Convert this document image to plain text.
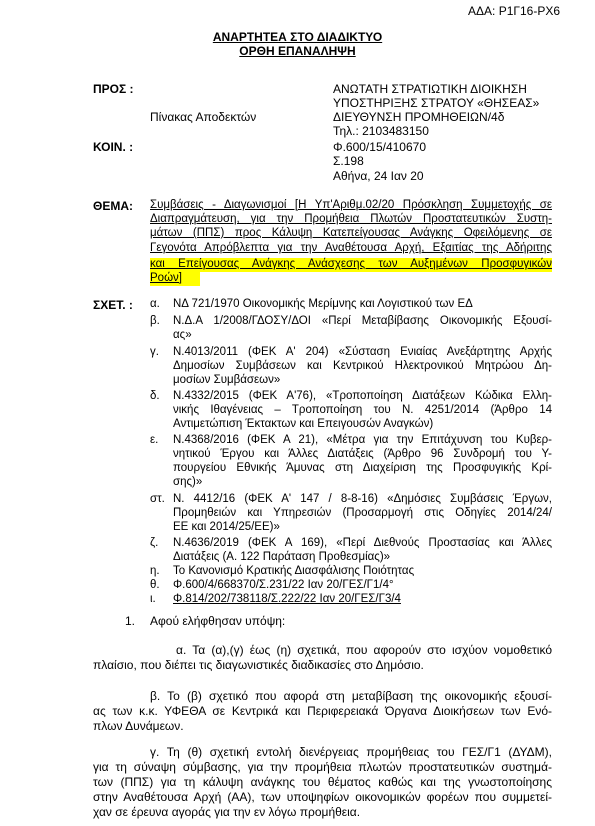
ΑΔΑ: Ρ1Γ16-ΡΧ6
ΑΝΑΡΤΗΤΕΑ ΣΤΟ ΔΙΑΔΙΚΤΥΟ
ΟΡΘΗ ΕΠΑΝΑΛΗΨΗ
ΠΡΟΣ :	ΑΝΩΤΑΤΗ ΣΤΡΑΤΙΩΤΙΚΗ ΔΙΟΙΚΗΣΗ
ΥΠΟΣΤΗΡΙΞΗΣ ΣΤΡΑΤΟΥ «ΘΗΣΕΑΣ»
Πίνακας Αποδεκτών	ΔΙΕΥΘΥΝΣΗ ΠΡΟΜΗΘΕΙΩΝ/4δ
Τηλ.: 2103483150
ΚΟΙΝ. :	Φ.600/15/410670
Σ.198
Αθήνα, 24 Ιαν 20
ΘΕΜΑ: Συμβάσεις - Διαγωνισμοί [Η Υπ'Αριθμ.02/20 Πρόσκληση Συμμετοχής σε
Διαπραγμάτευση, για την Προμήθεια Πλωτών Προστατευτικών Συστη-
μάτων (ΠΠΣ) προς Κάλυψη Κατεπείγουσας Ανάγκης Οφειλόμενης σε
Γεγονότα Απρόβλεπτα για την Αναθέτουσα Αρχή, Εξαιτίας της Αδήριτης
και Επείγουσας Ανάγκης Ανάσχεσης των Αυξημένων Προσφυγικών
Ροών]
ΣΧΕΤ. : α. ΝΔ 721/1970 Οικονομικής Μερίμνης και Λογιστικού των ΕΔ
β. Ν.Δ.Α 1/2008/ΓΔΟΣΥ/ΔΟΙ «Περί Μεταβίβασης Οικονομικής Εξουσί-
ας»
γ. Ν.4013/2011 (ΦΕΚ Α' 204) «Σύσταση Ενιαίας Ανεξάρτητης Αρχής
Δημοσίων Συμβάσεων και Κεντρικού Ηλεκτρονικού Μητρώου Δη-
μοσίων Συμβάσεων»
δ. Ν.4332/2015 (ΦΕΚ Α'76), «Τροποποίηση Διατάξεων Κώδικα Ελλη-
νικής Ιθαγένειας – Τροποποίηση του Ν. 4251/2014 (Άρθρο 14
Αντιμετώπιση Έκτακτων και Επειγουσών Αναγκών)
ε. Ν.4368/2016 (ΦΕΚ Α 21), «Μέτρα για την Επιτάχυνση του Κυβερ-
νητικού Έργου και Άλλες Διατάξεις (Άρθρο 96 Συνδρομή του Υ-
πουργείου Εθνικής Άμυνας στη Διαχείριση της Προσφυγικής Κρί-
σης)»
στ. Ν. 4412/16 (ΦΕΚ Α' 147 / 8-8-16) «Δημόσιες Συμβάσεις Έργων,
Προμηθειών και Υπηρεσιών (Προσαρμογή στις Οδηγίες 2014/24/
ΕΕ και 2014/25/ΕΕ)»
ζ. Ν.4636/2019 (ΦΕΚ Α 169), «Περί Διεθνούς Προστασίας και Άλλες
Διατάξεις (Α. 122 Παράταση Προθεσμίας)»
η. Το Κανονισμό Κρατικής Διασφάλισης Ποιότητας
θ. Φ.600/4/668370/Σ.231/22 Ιαν 20/ΓΕΣ/Γ1/4°
ι. Φ.814/202/738118/Σ.222/22 Ιαν 20/ΓΕΣ/Γ3/4
1. Αφού ελήφθησαν υπόψη:
α. Τα (α),(γ) έως (η) σχετικά, που αφορούν στο ισχύον νομοθετικό
πλαίσιο, που διέπει τις διαγωνιστικές διαδικασίες στο Δημόσιο.
β. Το (β) σχετικό που αφορά στη μεταβίβαση της οικονομικής εξουσί-
ας των κ.κ. ΥΦΕΘΑ σε Κεντρικά και Περιφερειακά Όργανα Διοικήσεων των Ενό-
πλων Δυνάμεων.
γ. Τη (θ) σχετική εντολή διενέργειας προμήθειας του ΓΕΣ/Γ1 (ΔΥΔΜ),
για τη σύναψη σύμβασης, για την προμήθεια πλωτών προστατευτικών συστημά-
των (ΠΠΣ) για τη κάλυψη ανάγκης του θέματος καθώς και της γνωστοποίησης
στην Αναθέτουσα Αρχή (ΑΑ), των υποψηφίων οικονομικών φορέων που συμμετεί-
χαν σε έρευνα αγοράς για την εν λόγω προμήθεια.
